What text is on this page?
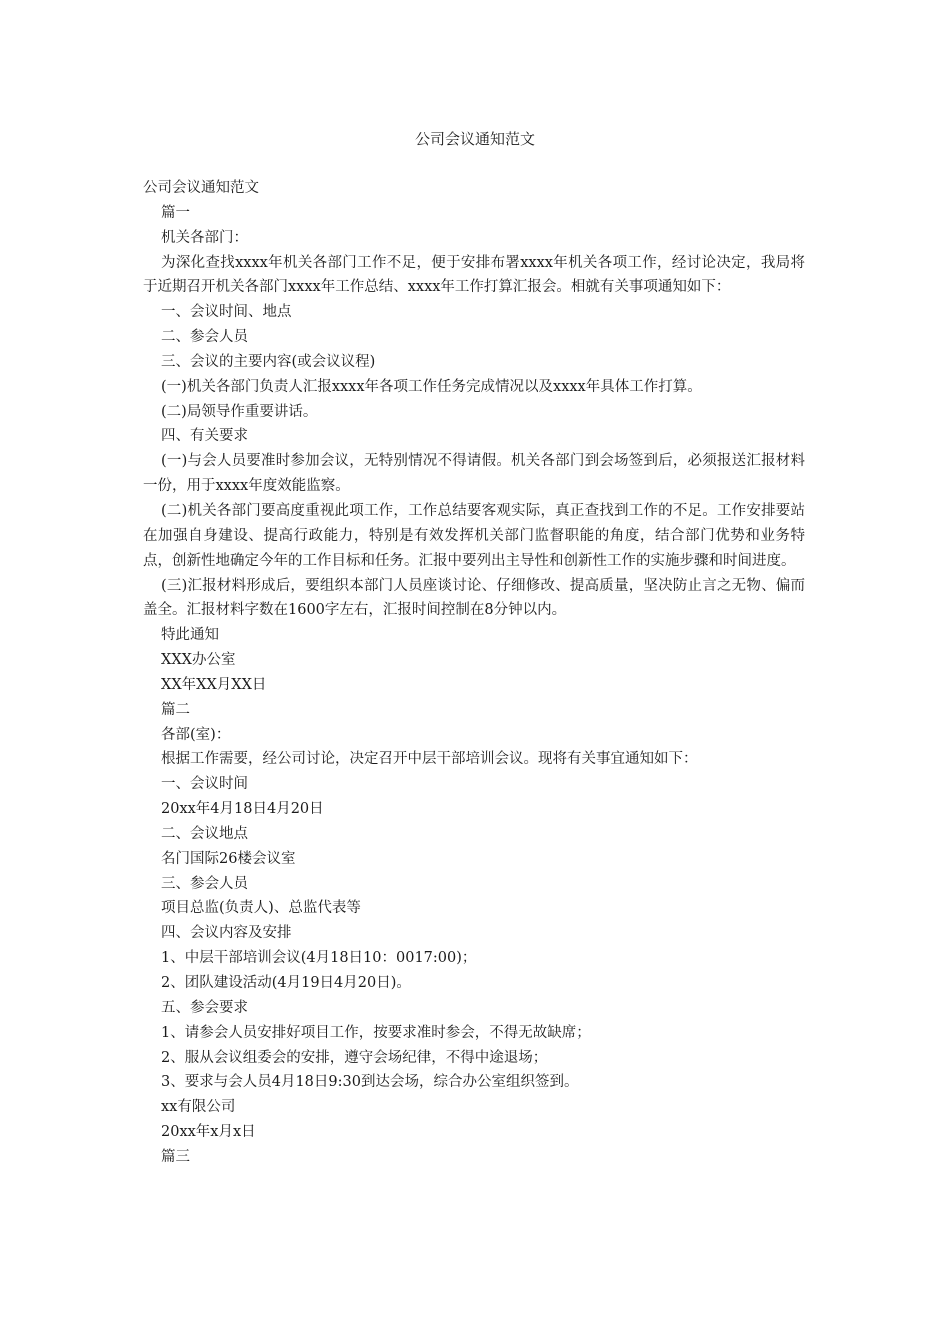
公司会议通知范文

公司会议通知范文

篇一

机关各部门：

为深化查找xxxx年机关各部门工作不足，便于安排布署xxxx年机关各项工作，经讨论决定，我局将于近期召开机关各部门xxxx年工作总结、xxxx年工作打算汇报会。相就有关事项通知如下：

一、会议时间、地点

二、参会人员

三、会议的主要内容(或会议议程)

(一)机关各部门负责人汇报xxxx年各项工作任务完成情况以及xxxx年具体工作打算。

(二)局领导作重要讲话。

四、有关要求

(一)与会人员要准时参加会议，无特别情况不得请假。机关各部门到会场签到后，必须报送汇报材料一份，用于xxxx年度效能监察。

(二)机关各部门要高度重视此项工作，工作总结要客观实际，真正查找到工作的不足。工作安排要站在加强自身建设、提高行政能力，特别是有效发挥机关部门监督职能的角度，结合部门优势和业务特点，创新性地确定今年的工作目标和任务。汇报中要列出主导性和创新性工作的实施步骤和时间进度。

(三)汇报材料形成后，要组织本部门人员座谈讨论、仔细修改、提高质量，坚决防止言之无物、偏而盖全。汇报材料字数在1600字左右，汇报时间控制在8分钟以内。

特此通知

XXX办公室

XX年XX月XX日

篇二

各部(室)：

根据工作需要，经公司讨论，决定召开中层干部培训会议。现将有关事宜通知如下：

一、会议时间

20xx年4月18日4月20日

二、会议地点

名门国际26楼会议室

三、参会人员

项目总监(负责人)、总监代表等

四、会议内容及安排

1、中层干部培训会议(4月18日10：0017:00)；

2、团队建设活动(4月19日4月20日)。

五、参会要求

1、请参会人员安排好项目工作，按要求准时参会，不得无故缺席；

2、服从会议组委会的安排，遵守会场纪律，不得中途退场；

3、要求与会人员4月18日9:30到达会场，综合办公室组织签到。

xx有限公司

20xx年x月x日

篇三
